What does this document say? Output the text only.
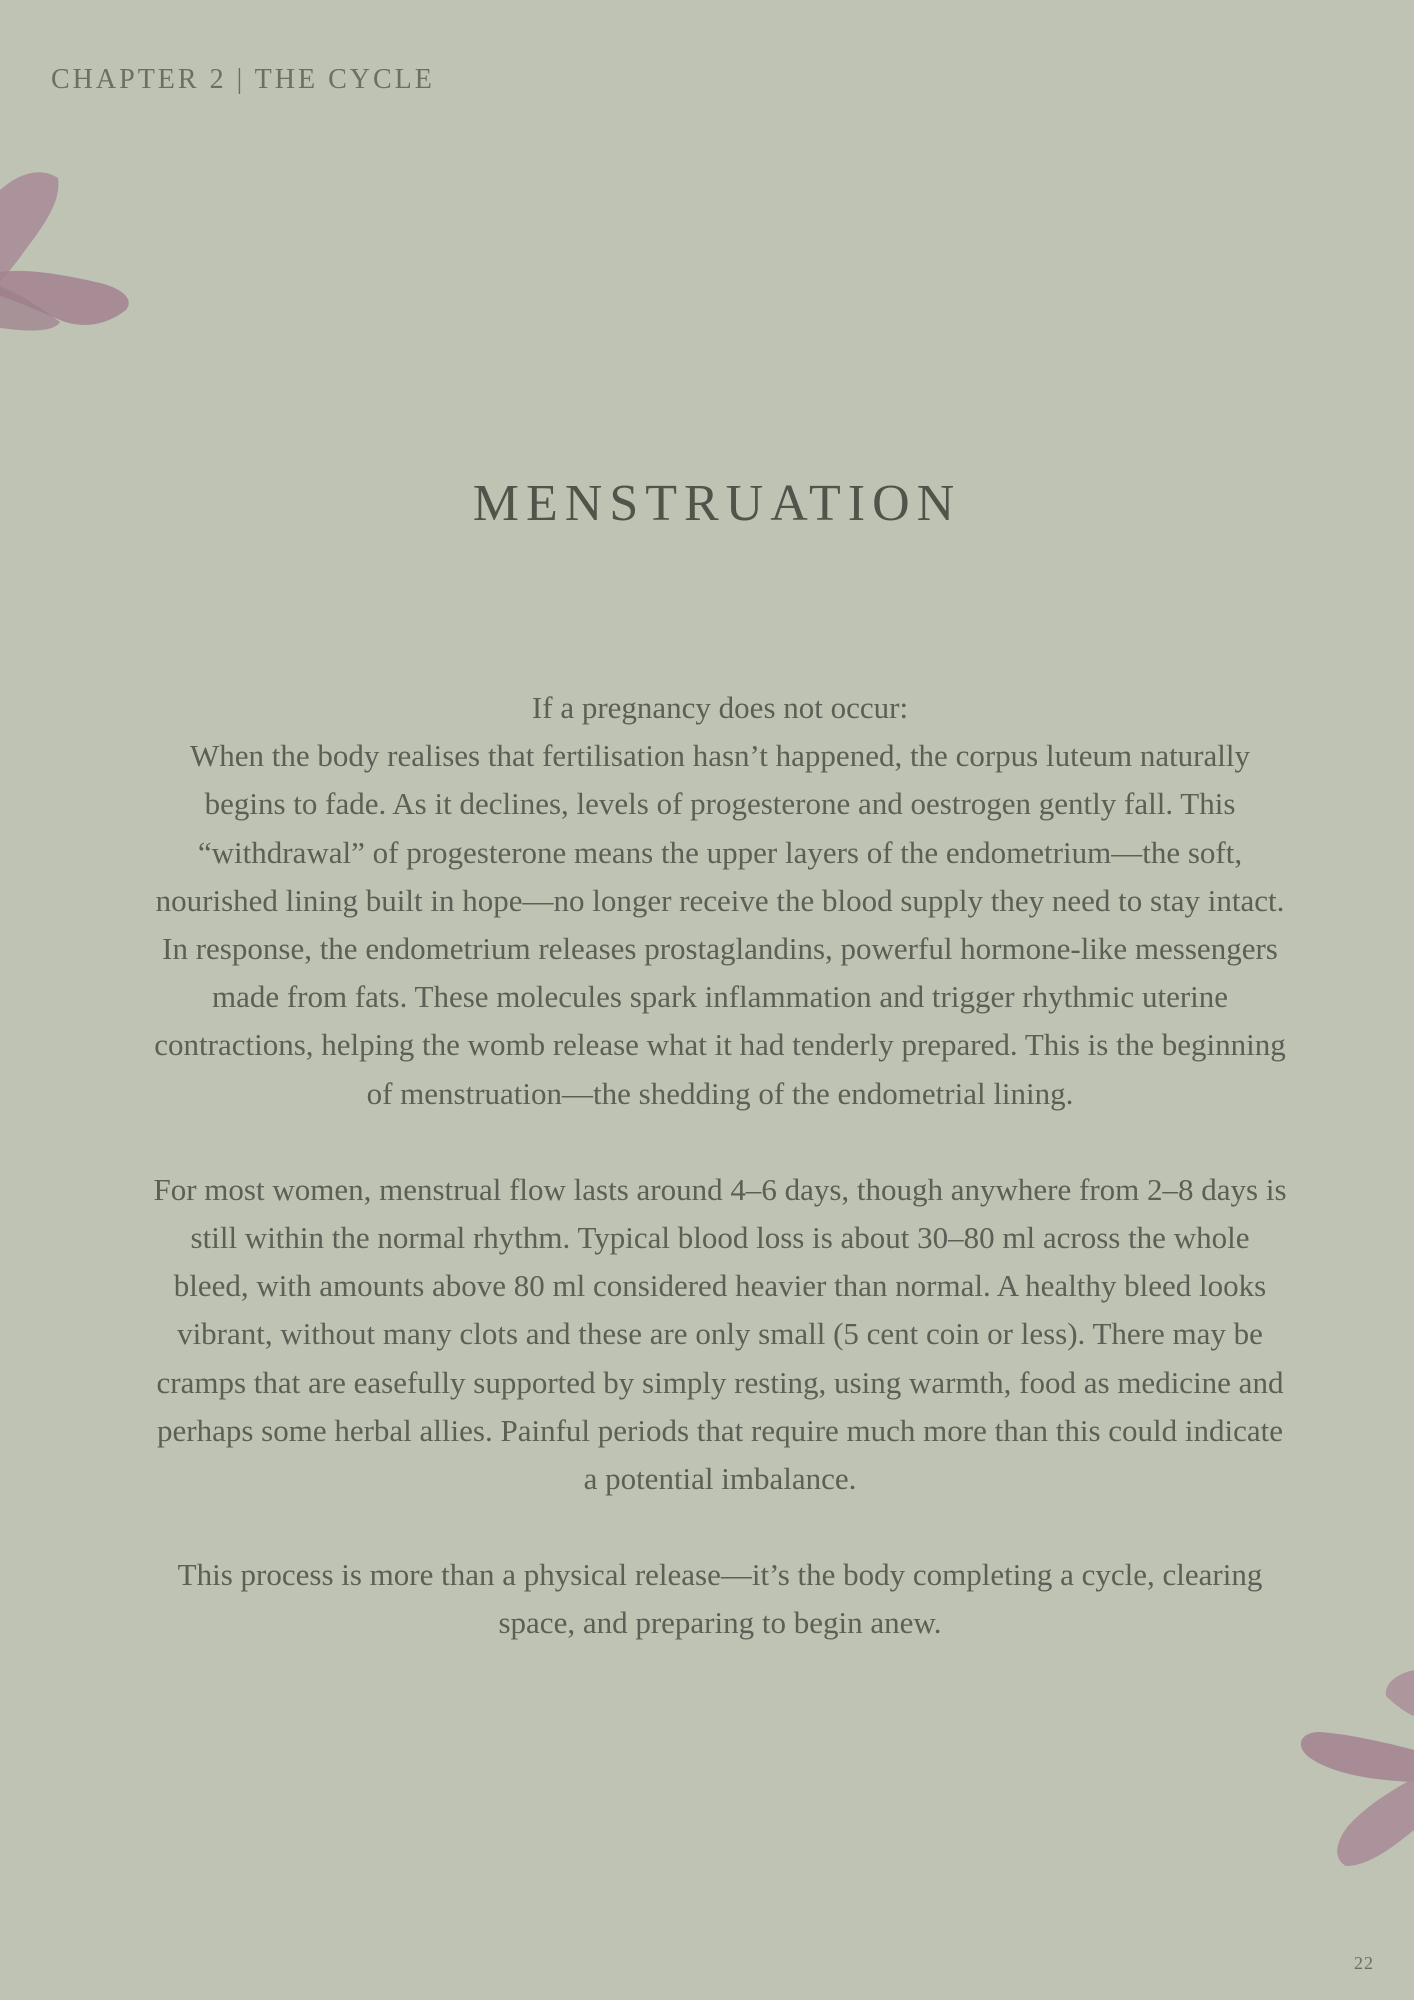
CHAPTER 2 | THE CYCLE
MENSTRUATION

If a pregnancy does not occur:

When the body realises that fertilisation hasn’t happened, the corpus luteum naturally begins to fade. As it declines, levels of progesterone and oestrogen gently fall. This “withdrawal” of progesterone means the upper layers of the endometrium—the soft, nourished lining built in hope—no longer receive the blood supply they need to stay intact.

In response, the endometrium releases prostaglandins, powerful hormone-like messengers made from fats. These molecules spark inflammation and trigger rhythmic uterine contractions, helping the womb release what it had tenderly prepared. This is the beginning of menstruation—the shedding of the endometrial lining.

For most women, menstrual flow lasts around 4–6 days, though anywhere from 2–8 days is still within the normal rhythm. Typical blood loss is about 30–80 ml across the whole bleed, with amounts above 80 ml considered heavier than normal. A healthy bleed looks vibrant, without many clots and these are only small (5 cent coin or less). There may be cramps that are easefully supported by simply resting, using warmth, food as medicine and perhaps some herbal allies. Painful periods that require much more than this could indicate a potential imbalance.

This process is more than a physical release—it’s the body completing a cycle, clearing space, and preparing to begin anew.

22
